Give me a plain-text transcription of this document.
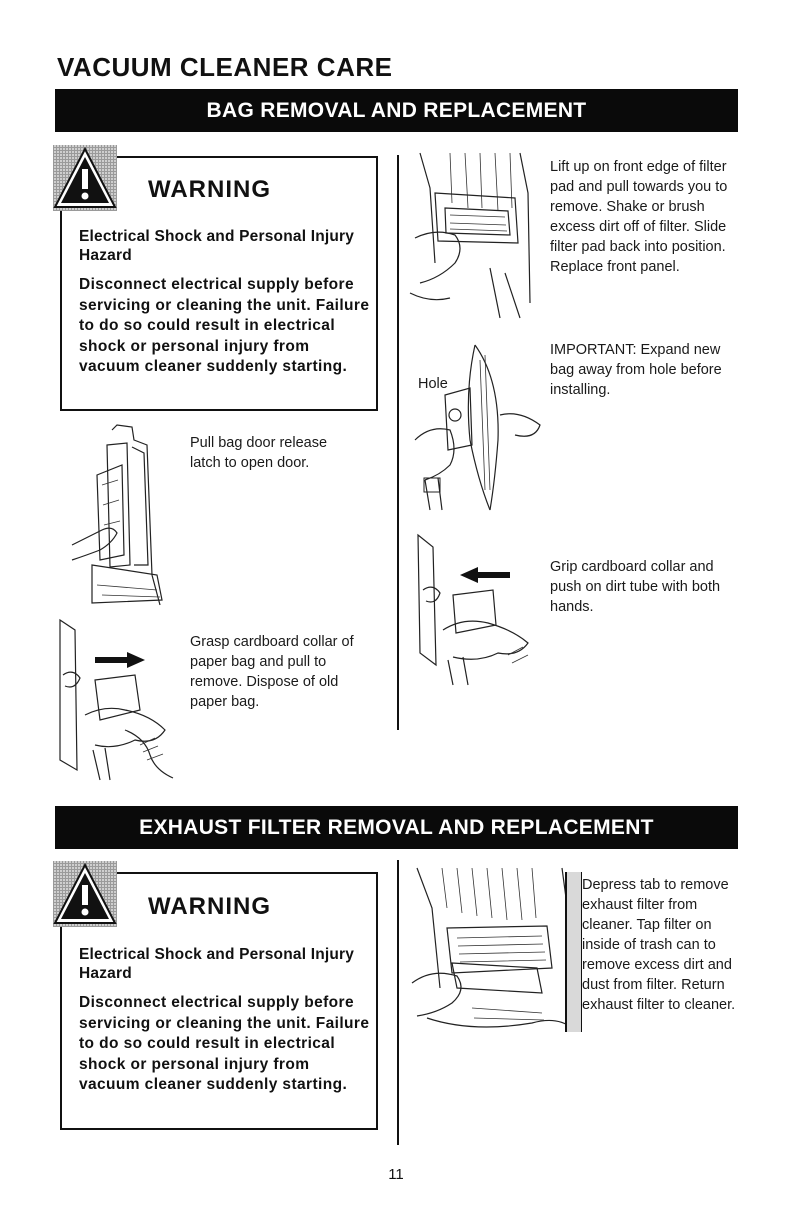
VACUUM CLEANER CARE
BAG REMOVAL AND REPLACEMENT
WARNING
Electrical Shock and Personal Injury Hazard
Disconnect electrical supply before servicing or cleaning the unit. Failure to do so could result in electrical shock or personal injury from vacuum cleaner suddenly starting.
Pull bag door release latch to open door.
Grasp cardboard collar of paper bag and pull to remove. Dispose of old paper bag.
Lift up on front edge of filter pad and pull towards you to remove. Shake or brush excess dirt off of filter. Slide filter pad back into position. Replace front panel.
Hole
IMPORTANT: Expand new bag away from hole before installing.
Grip cardboard collar and push on dirt tube with both hands.
EXHAUST FILTER REMOVAL AND REPLACEMENT
WARNING
Electrical Shock and Personal Injury Hazard
Disconnect electrical supply before servicing or cleaning the unit. Failure to do so could result in electrical shock or personal injury from vacuum cleaner suddenly starting.
Depress tab to remove exhaust filter from cleaner. Tap filter on inside of trash can to remove excess dirt and dust from filter. Return exhaust filter to cleaner.
11
